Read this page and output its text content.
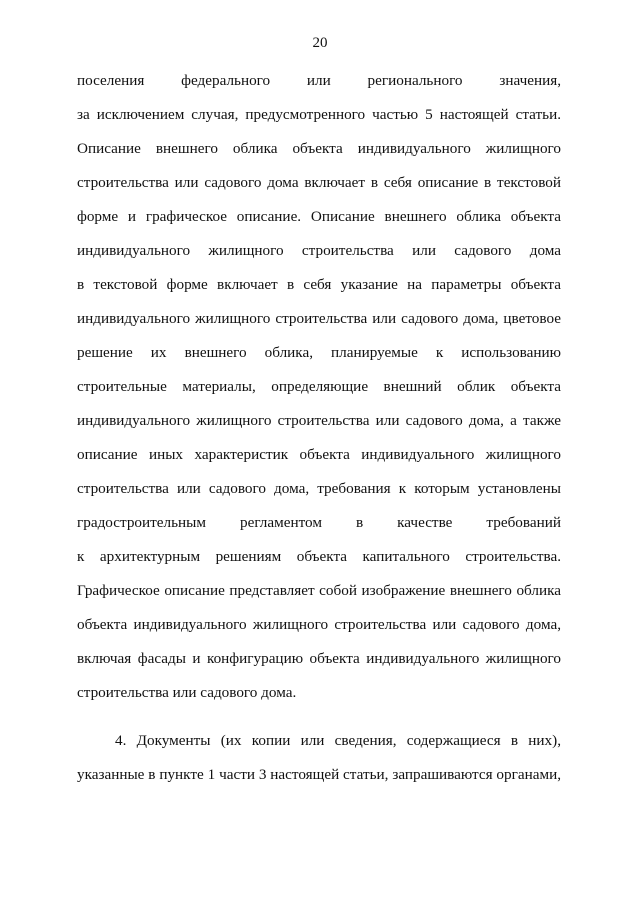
20
поселения федерального или регионального значения,
за исключением случая, предусмотренного частью 5 настоящей статьи.
Описание внешнего облика объекта индивидуального жилищного
строительства или садового дома включает в себя описание в текстовой
форме и графическое описание. Описание внешнего облика объекта
индивидуального жилищного строительства или садового дома
в текстовой форме включает в себя указание на параметры объекта
индивидуального жилищного строительства или садового дома, цветовое
решение их внешнего облика, планируемые к использованию
строительные материалы, определяющие внешний облик объекта
индивидуального жилищного строительства или садового дома, а также
описание иных характеристик объекта индивидуального жилищного
строительства или садового дома, требования к которым установлены
градостроительным регламентом в качестве требований
к архитектурным решениям объекта капитального строительства.
Графическое описание представляет собой изображение внешнего облика
объекта индивидуального жилищного строительства или садового дома,
включая фасады и конфигурацию объекта индивидуального жилищного
строительства или садового дома.
4. Документы (их копии или сведения, содержащиеся в них),
указанные в пункте 1 части 3 настоящей статьи, запрашиваются органами,
